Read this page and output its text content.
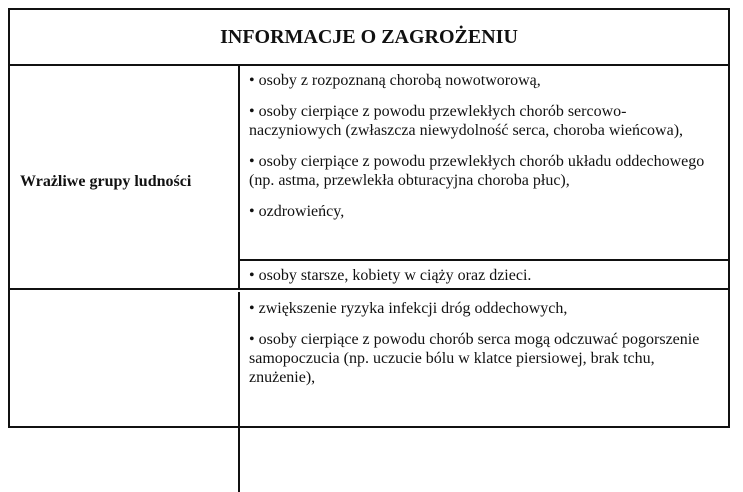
INFORMACJE O ZAGROŻENIU
Wrażliwe grupy ludności
• osoby z rozpoznaną chorobą nowotworową,
• osoby cierpiące z powodu przewlekłych chorób sercowo-naczyniowych (zwłaszcza niewydolność serca, choroba wieńcowa),
• osoby cierpiące z powodu przewlekłych chorób układu oddechowego (np. astma, przewlekła obturacyjna choroba płuc),
• ozdrowieńcy,
• osoby starsze, kobiety w ciąży oraz dzieci.
• zwiększenie ryzyka infekcji dróg oddechowych,
• osoby cierpiące z powodu chorób serca mogą odczuwać pogorszenie samopoczucia (np. uczucie bólu w klatce piersiowej, brak tchu, znużenie),
